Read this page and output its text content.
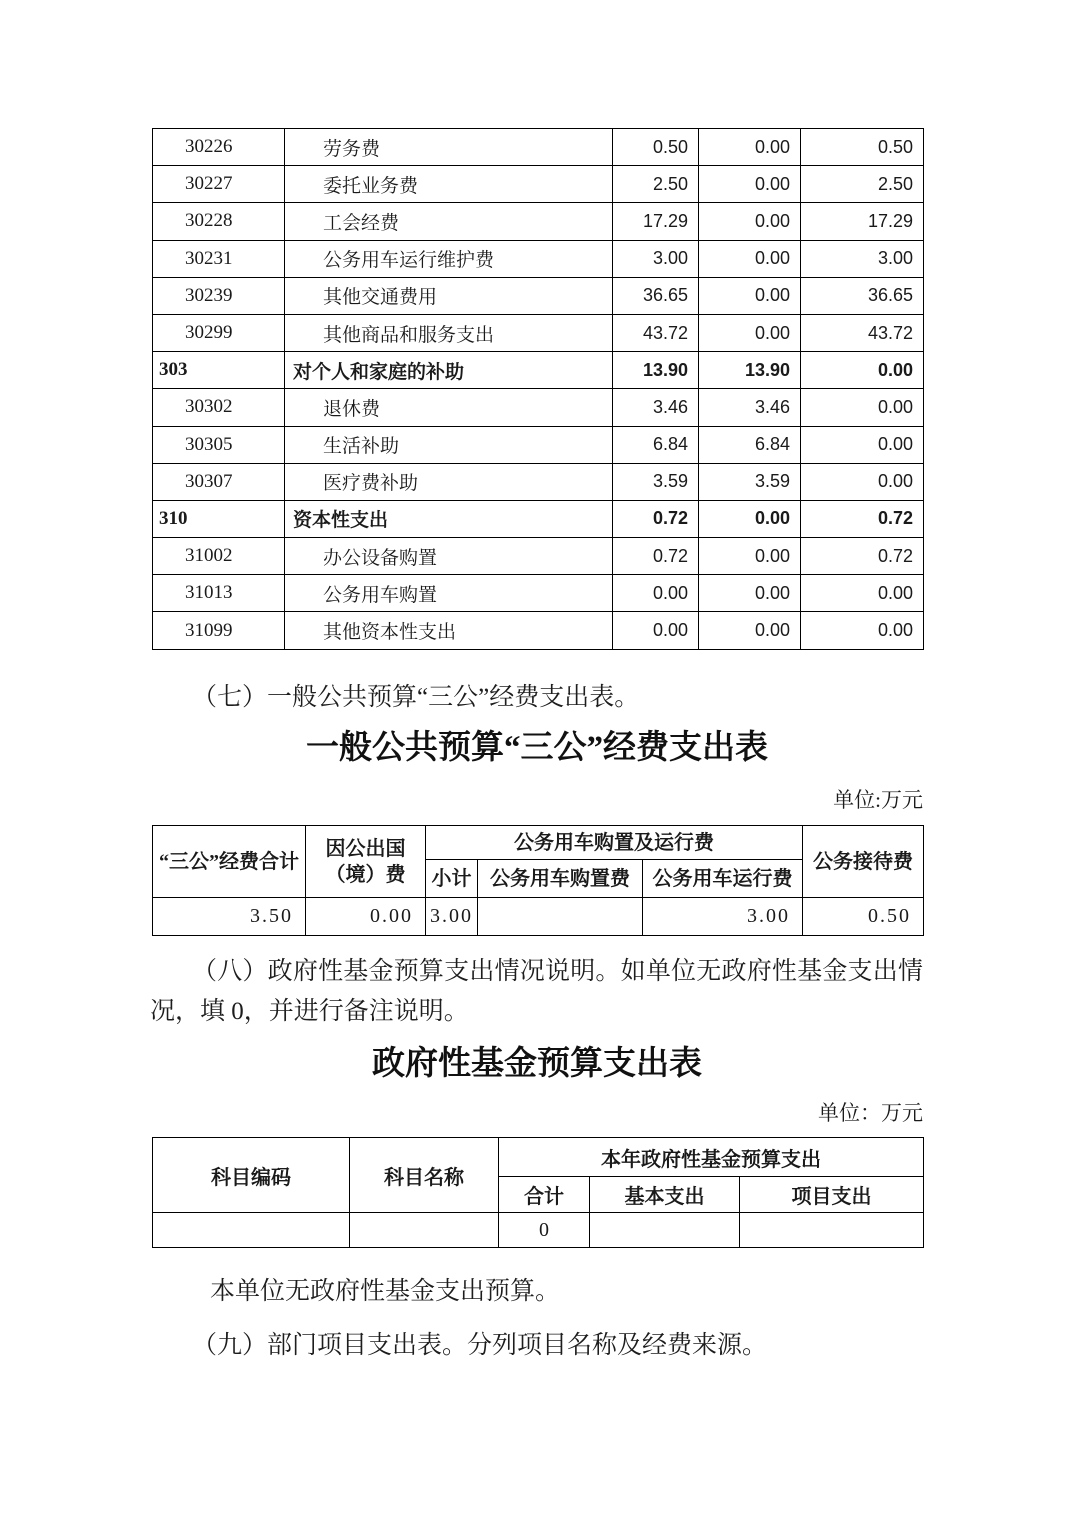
30226	劳务费	0.50	0.00	0.50
30227	委托业务费	2.50	0.00	2.50
30228	工会经费	17.29	0.00	17.29
30231	公务用车运行维护费	3.00	0.00	3.00
30239	其他交通费用	36.65	0.00	36.65
30299	其他商品和服务支出	43.72	0.00	43.72
303	对个人和家庭的补助	13.90	13.90	0.00
30302	退休费	3.46	3.46	0.00
30305	生活补助	6.84	6.84	0.00
30307	医疗费补助	3.59	3.59	0.00
310	资本性支出	0.72	0.00	0.72
31002	办公设备购置	0.72	0.00	0.72
31013	公务用车购置	0.00	0.00	0.00
31099	其他资本性支出	0.00	0.00	0.00

（七）一般公共预算“三公”经费支出表。

一般公共预算“三公”经费支出表
单位:万元
“三公”经费合计	因公出国（境）费	公务用车购置及运行费			公务接待费
		小计	公务用车购置费	公务用车运行费	
3.50	0.00	3.00		3.00	0.50

（八）政府性基金预算支出情况说明。如单位无政府性基金支出情况，填 0，并进行备注说明。

政府性基金预算支出表
单位：万元
科目编码	科目名称	本年政府性基金预算支出		
		合计	基本支出	项目支出
		0		

本单位无政府性基金支出预算。

（九）部门项目支出表。分列项目名称及经费来源。
